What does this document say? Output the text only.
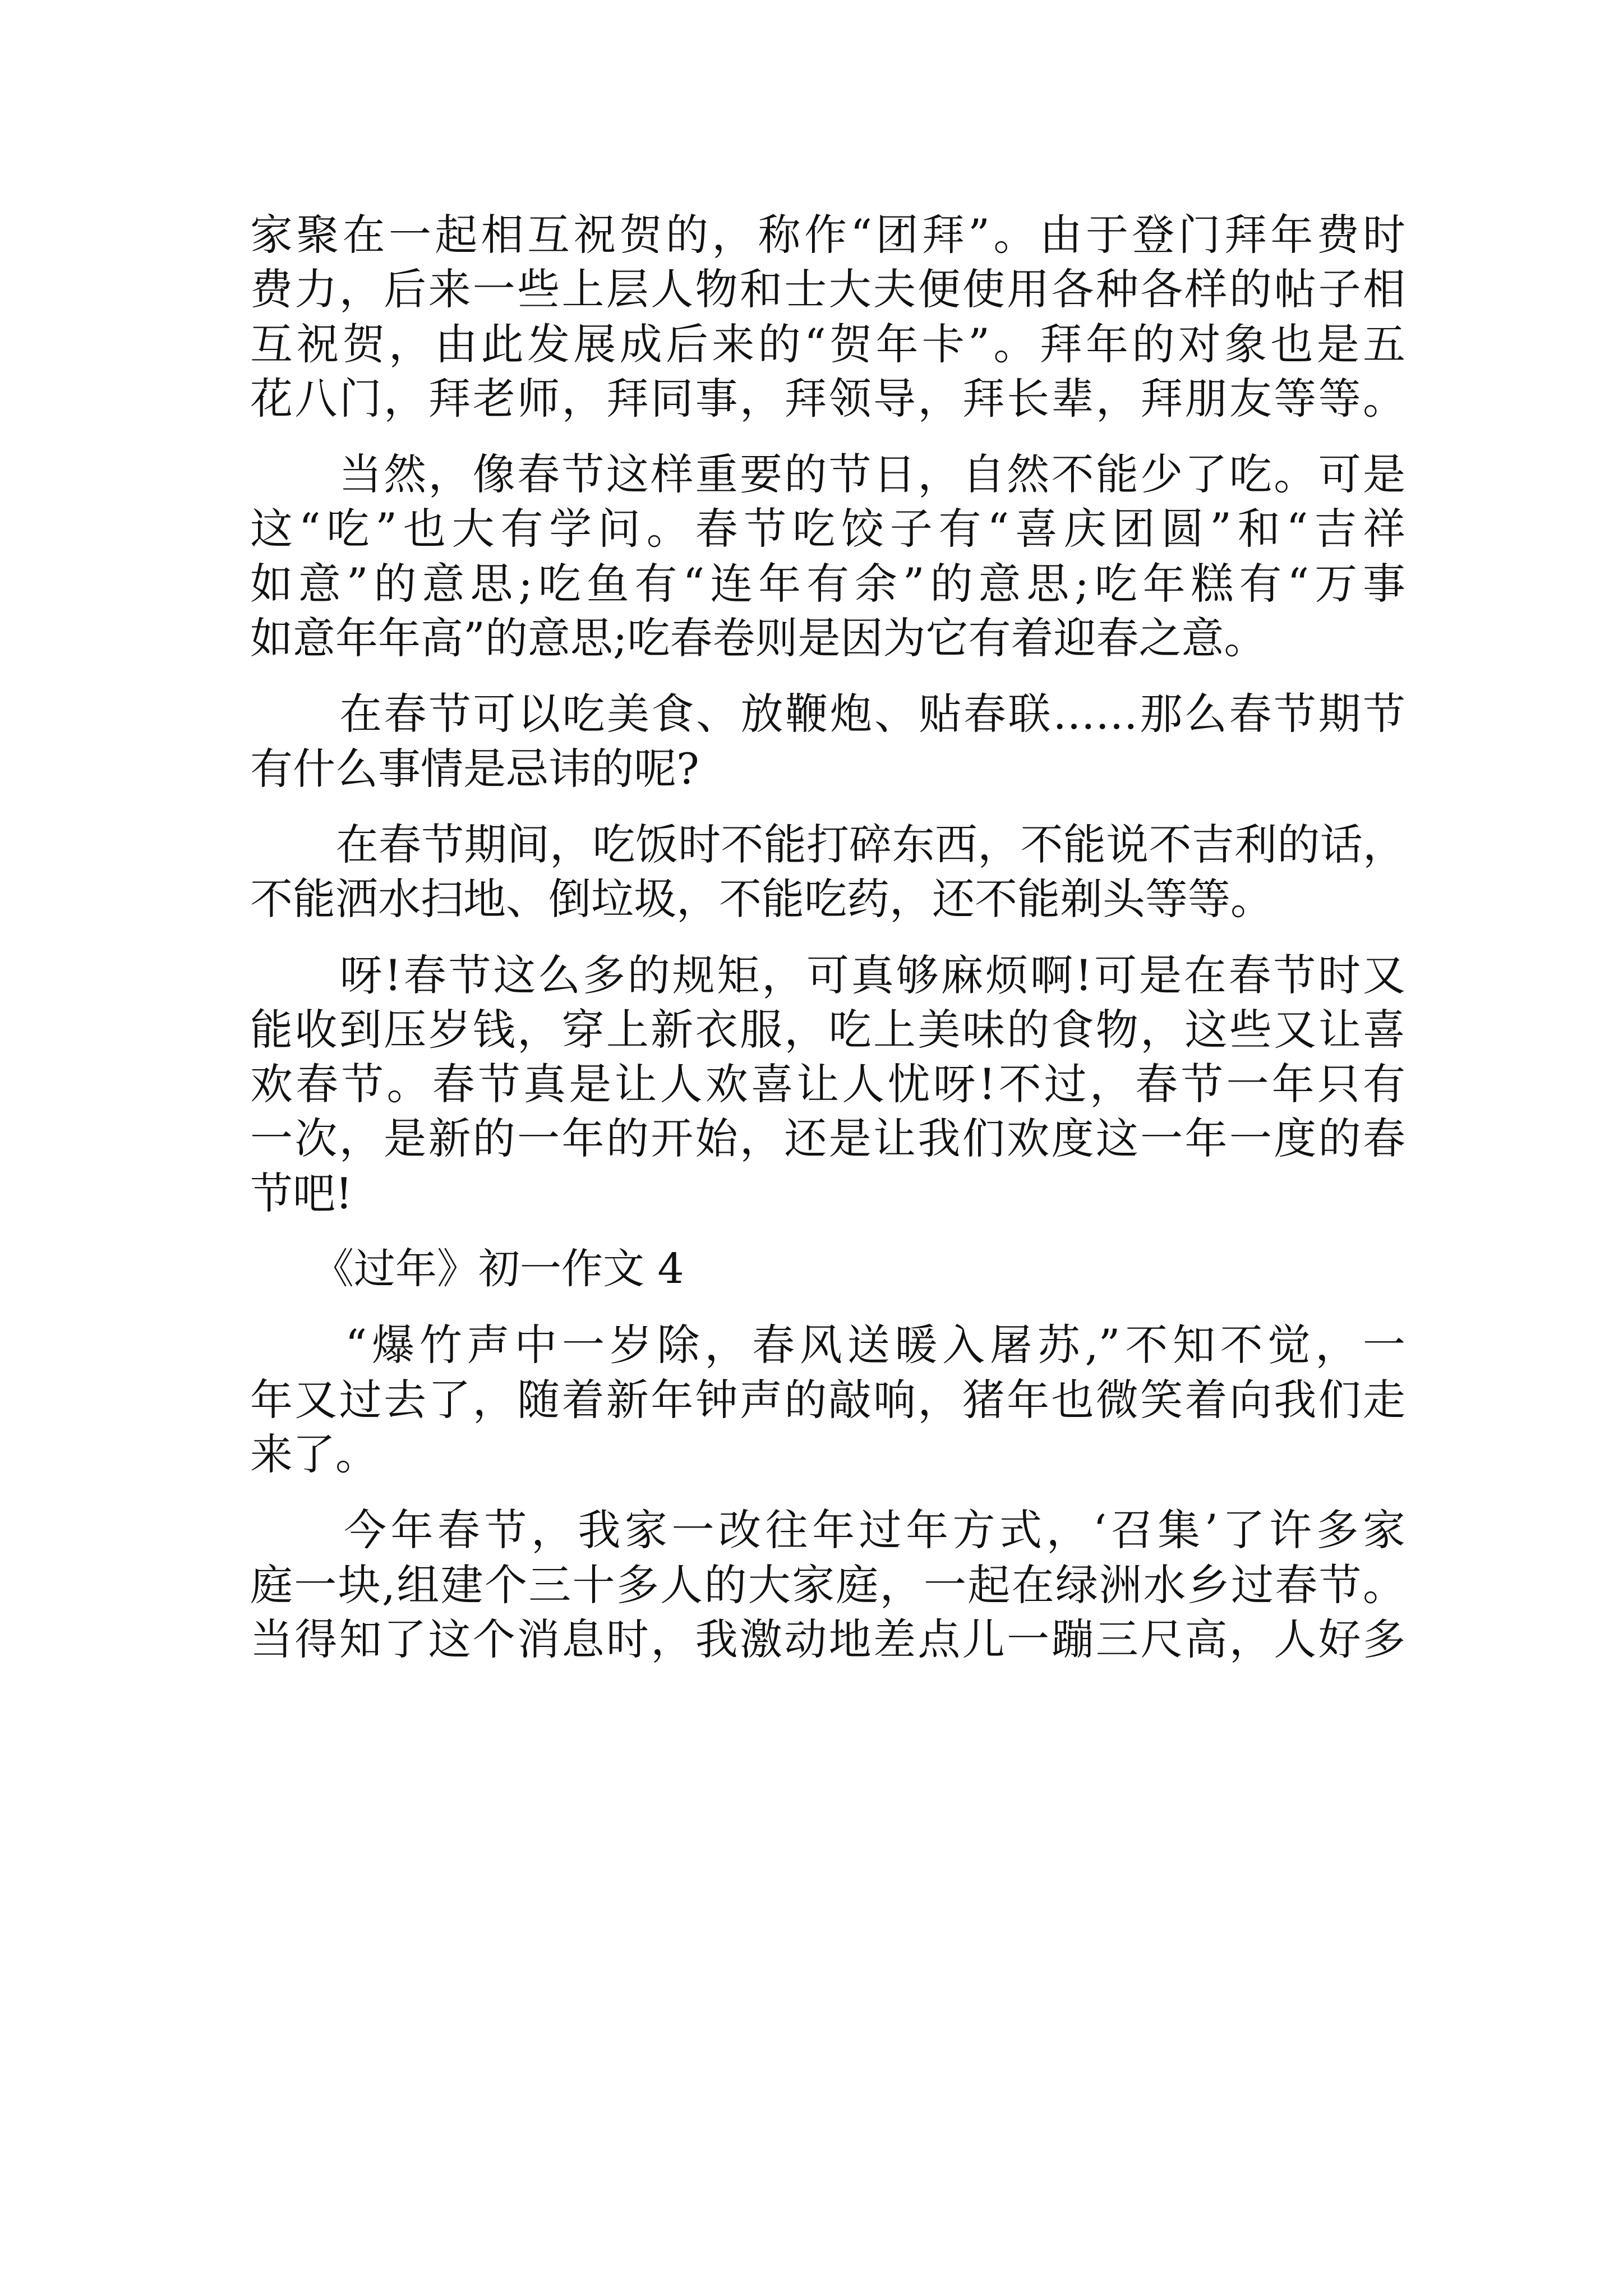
家聚在一起相互祝贺的，称作“团拜”。由于登门拜年费时
费力，后来一些上层人物和士大夫便使用各种各样的帖子相
互祝贺，由此发展成后来的“贺年卡”。拜年的对象也是五
花八门，拜老师，拜同事，拜领导，拜长辈，拜朋友等等。
　　当然，像春节这样重要的节日，自然不能少了吃。可是
这“吃”也大有学问。春节吃饺子有“喜庆团圆”和“吉祥
如意”的意思;吃鱼有“连年有余”的意思;吃年糕有“万事
如意年年高”的意思;吃春卷则是因为它有着迎春之意。
　　在春节可以吃美食、放鞭炮、贴春联……那么春节期节
有什么事情是忌讳的呢?
　　在春节期间，吃饭时不能打碎东西，不能说不吉利的话，
不能洒水扫地、倒垃圾，不能吃药，还不能剃头等等。
　　呀!春节这么多的规矩，可真够麻烦啊!可是在春节时又
能收到压岁钱，穿上新衣服，吃上美味的食物，这些又让喜
欢春节。春节真是让人欢喜让人忧呀!不过，春节一年只有
一次，是新的一年的开始，还是让我们欢度这一年一度的春
节吧!
　　《过年》初一作文 4
　　“爆竹声中一岁除，春风送暖入屠苏,”不知不觉，一
年又过去了，随着新年钟声的敲响，猪年也微笑着向我们走
来了。
　　今年春节，我家一改往年过年方式，‘召集’了许多家
庭一块,组建个三十多人的大家庭，一起在绿洲水乡过春节。
当得知了这个消息时，我激动地差点儿一蹦三尺高，人好多
